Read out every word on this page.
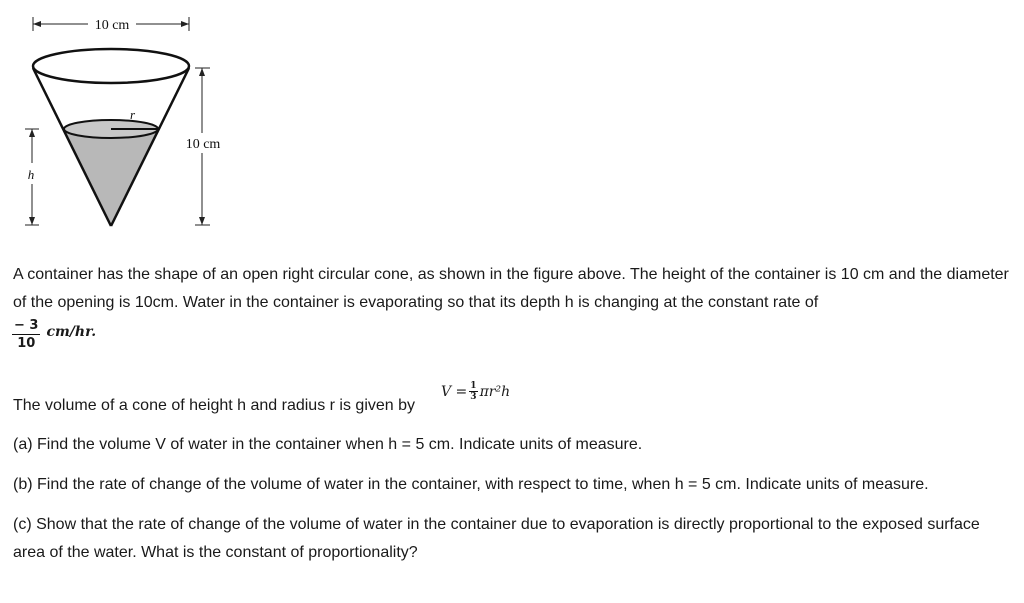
10 cm
r
10 cm
h

A container has the shape of an open right circular cone, as shown in the figure above. The height of the container is 10 cm and the diameter of the opening is 10cm. Water in the container is evaporating so that its depth h is changing at the constant rate of

$\frac{- 3}{10} cm/hr$.

The volume of a cone of height h and radius r is given by

$V = \frac{1}{3} \pi r^2h$

(a) Find the volume V of water in the container when h = 5 cm. Indicate units of measure.

(b) Find the rate of change of the volume of water in the container, with respect to time, when h = 5 cm. Indicate units of measure.

(c) Show that the rate of change of the volume of water in the container due to evaporation is directly proportional to the exposed surface area of the water. What is the constant of proportionality?
